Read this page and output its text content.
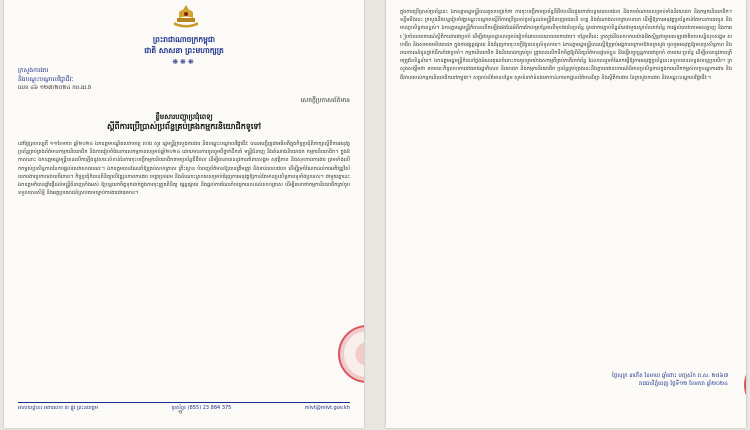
ព្រះរាជាណាចក្រកម្ពុជា
ជាតិ សាសនា ព្រះមហាក្សត្រ
❋❋❋
ក្រសួងការងារ
និងបណ្ដុះបណ្ដាលវិជ្ជាជីវៈ
លេខ ៤៦ ១២៧/២០២៤ ការ.ងរ.វា
សេចក្ដីប្រកាសព័ត៌មាន
ខ្លឹមសារបញ្ហាប្រជុំពេទ្យ
ស្តីពីការប្រើប្រាស់ប្រព័ន្ធគ្រប់គ្រងកម្មករនិយោជិកទូទៅ
នៅថ្ងៃព្រហស្បតិ៍ ១១ខែមករា ឆ្នាំ២០២៤ ឯកឧត្តមបណ្ឌិតសភាចារ្យ ហេង សួរ រដ្ឋមន្ត្រីក្រសួងការងារ និងបណ្តុះបណ្តាលវិជ្ជាជីវៈ បានអញ្ជើញជាអធិបតីក្នុងកិច្ចប្រជុំពិភាក្សាស្តីពីការអនុវត្តប្រព័ន្ធគ្រប់គ្រងព័ត៌មានកម្មករនិយោជិក និងការរៀបចំផែនការសកម្មភាពសម្រាប់ឆ្នាំ២០២៤ ដោយមានការចូលរួមពីថ្នាក់ដឹកនាំ មន្ត្រីជំនាញ និងតំណាងនិយោជក កម្មករនិយោជិក។ ក្នុងឱកាសនោះ ឯកឧត្តមរដ្ឋមន្ត្រីបានលើកឡើងនូវសារៈសំខាន់នៃការចុះបញ្ជីកម្មករនិយោជិកតាមប្រព័ន្ធឌីជីថល ដើម្បីធានាបាននូវការគាំពារសង្គម សុវត្ថិភាព និងសុខភាពការងារ ព្រមទាំងលើកកម្ពស់ប្រសិទ្ធភាពនៃការផ្តល់សេវាសាធារណៈ។ ឯកឧត្តមបានណែនាំឱ្យគ្រប់សហគ្រាស គ្រឹះស្ថាន បំពេញព័ត៌មានឱ្យបានត្រឹមត្រូវ និងទាន់ពេលវេលា ដើម្បីរួមចំណែកដល់ការអភិវឌ្ឍវិស័យការងារប្រកបដោយចីរភាព។ កិច្ចប្រជុំក៏បានពិនិត្យលើវឌ្ឍនភាពការងារ បញ្ហាប្រឈម និងដំណោះស្រាយសម្រាប់ជំរុញការអនុវត្តឱ្យកាន់តែមានប្រសិទ្ធភាពទូទាំងប្រទេស។ ជាមួយគ្នានេះ ឯកឧត្តមក៏បានផ្តាំផ្ញើដល់មន្ត្រីជំនាញទាំងអស់ ឱ្យបន្តយកចិត្តទុកដាក់ក្នុងការចុះត្រួតពិនិត្យ ផ្សព្វផ្សាយ និងផ្តល់ការណែនាំបច្ចេកទេសដល់សហគ្រាស ដើម្បីធានាថាកម្មករនិយោជិកគ្រប់រូបទទួលបានសិទ្ធិ និងអត្ថប្រយោជន៍ស្របតាមច្បាប់ការងារជាធរមាន។
អាសយដ្ឋាន៖ អគារលេខ ៣ ផ្លូវ ព្រះនរោត្តម	ទូរស័ព្ទ៖ (855) 23 884 375	mlvt@mlvt.gov.kh
១
ក្នុងការប្រើប្រាស់ប្រព័ន្ធនេះ ឯកឧត្តមរដ្ឋមន្ត្រីបានគូសបញ្ជាក់ថា ការចុះបញ្ជីតាមប្រព័ន្ធឌីជីថលនឹងជួយកាត់បន្ថយពេលវេលា និងការចំណាយសម្រាប់ទាំងនិយោជក និងកម្មករនិយោជិក។ ទន្ទឹមនឹងនេះ ក្រសួងនឹងបន្តរៀបចំវគ្គបណ្តុះបណ្តាលស្តីពីការប្រើប្រាស់ប្រព័ន្ធដល់មន្ត្រីជំនាញរាជធានី ខេត្ត និងតំណាងសហគ្រាសនានា ដើម្បីឱ្យការអនុវត្តប្រព័ន្ធកាន់តែមានភាពរលូន និងមានប្រសិទ្ធភាពខ្ពស់។ ឯកឧត្តមរដ្ឋមន្ត្រីក៏បានលើកឡើងផងដែរអំពីការកែលម្អបន្ថែមលើមុខងារនៃប្រព័ន្ធ ដូចជាការភ្ជាប់ទិន្នន័យជាមួយស្ថាប័នពាក់ព័ន្ធ ការផ្តល់សេវាតាមអនឡាញ និងការរៀបចំរបាយការណ៍ស្ថិតិការងារជាប្រចាំ ដើម្បីជាមូលដ្ឋានសម្រាប់រៀបចំគោលនយោបាយការងារ។ បន្ថែមពីនេះ ក្រសួងនឹងសហការយ៉ាងជិតស្និទ្ធជាមួយបេឡាជាតិរបបសន្តិសុខសង្គម សហជីព និងសមាគមនិយោជក ក្នុងការផ្សព្វផ្សាយ និងជំរុញការចុះបញ្ជីឱ្យបានទូលំទូលាយ។ ឯកឧត្តមរដ្ឋមន្ត្រីបានស្នើឱ្យគ្រប់អង្គភាពក្រោមឱវាទក្រសួង ចូលរួមអនុវត្តឱ្យមានប្រសិទ្ធភាព និងរាយការណ៍ជូនថ្នាក់ដឹកនាំជាប្រចាំ។ កម្មករនិយោជិក និងនិយោជកគ្រប់រូប ត្រូវបានលើកទឹកចិត្តឱ្យពិនិត្យព័ត៌មានផ្ទាល់ខ្លួន និងធ្វើបច្ចុប្បន្នភាពជាប្រចាំ តាមរយៈប្រព័ន្ធ ដើម្បីធានានូវភាពត្រឹមត្រូវនៃទិន្នន័យ។ ឯកឧត្តមរដ្ឋមន្ត្រីក៏បានថ្លែងអំណរគុណចំពោះការចូលរួមយ៉ាងសកម្មពីគ្រប់ភាគីពាក់ព័ន្ធ ដែលបានរួមចំណែកធ្វើឱ្យការអនុវត្តប្រព័ន្ធនេះទទួលបានលទ្ធផលល្អប្រសើរ។ ក្រសួងសង្ឃឹមថា តាមរយៈកិច្ចសហការរវាងរាជរដ្ឋាភិបាល និយោជក និងកម្មករនិយោជិក ប្រព័ន្ធគ្រប់គ្រងនេះនឹងក្លាយជាឧបករណ៍ដ៏មានប្រសិទ្ធភាពក្នុងការលើកកម្ពស់លក្ខខណ្ឌការងារ និងជីវភាពរបស់កម្មករនិយោជិកនៅកម្ពុជា។ សម្រាប់ព័ត៌មានបន្ថែម សូមទំនាក់ទំនងមកកាន់នាយកដ្ឋានព័ត៌មានវិទ្យា និងស្ថិតិការងារ នៃក្រសួងការងារ និងបណ្តុះបណ្តាលវិជ្ជាជីវៈ។
ថ្ងៃសុក្រ ៣កើត ខែមាឃ ឆ្នាំថោះ បញ្ចស័ក ព.ស. ២៥៦៧
រាជធានីភ្នំពេញ ថ្ងៃទី១២ ខែមករា ឆ្នាំ២០២៤
